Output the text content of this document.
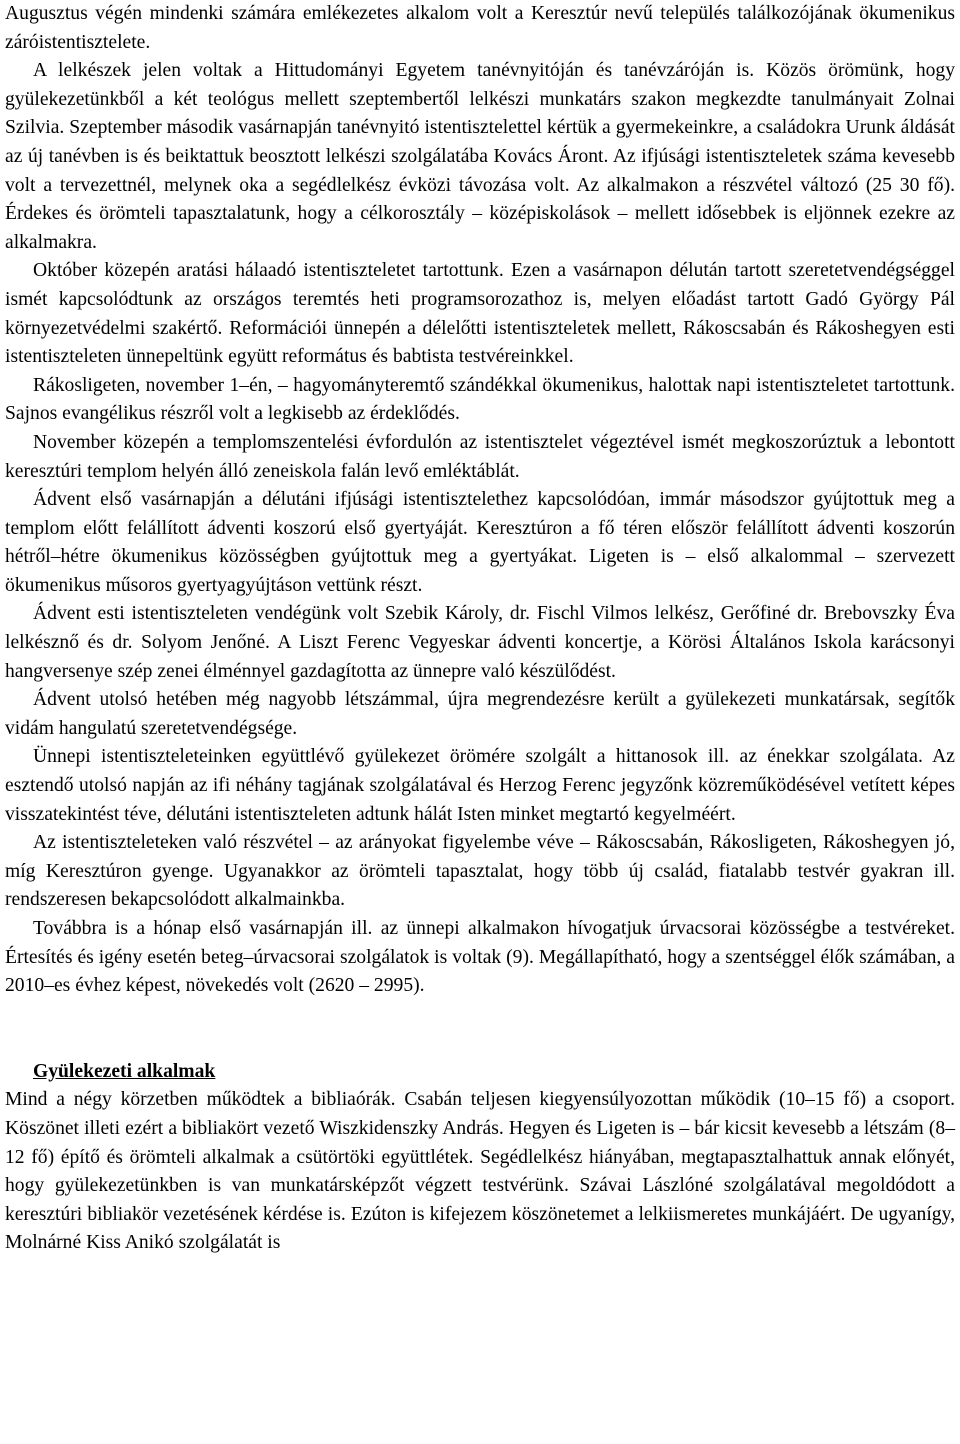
Augusztus végén mindenki számára emlékezetes alkalom volt a Keresztúr nevű település találkozójának ökumenikus záróistentisztelete.

A lelkészek jelen voltak a Hittudományi Egyetem tanévnyitóján és tanévzáróján is. Közös örömünk, hogy gyülekezetünkből a két teológus mellett szeptembertől lelkészi munkatárs szakon megkezdte tanulmányait Zolnai Szilvia. Szeptember második vasárnapján tanévnyitó istentisztelettel kértük a gyermekeinkre, a családokra Urunk áldását az új tanévben is és beiktattuk beosztott lelkészi szolgálatába Kovács Áront. Az ifjúsági istentiszteletek száma kevesebb volt a tervezettnél, melynek oka a segédlelkész évközi távozása volt. Az alkalmakon a részvétel változó (25 30 fő). Érdekes és örömteli tapasztalatunk, hogy a célkorosztály – középiskolások – mellett idősebbek is eljönnek ezekre az alkalmakra.

Október közepén aratási hálaadó istentiszteletet tartottunk. Ezen a vasárnapon délután tartott szeretetvendégséggel ismét kapcsolódtunk az országos teremtés heti programsorozathoz is, melyen előadást tartott Gadó György Pál környezetvédelmi szakértő. Reformációi ünnepén a délelőtti istentiszteletek mellett, Rákoscsabán és Rákoshegyen esti istentiszteleten ünnepeltünk együtt református és babtista testvéreinkkel.

Rákosligeten, november 1–én, – hagyományteremtő szándékkal ökumenikus, halottak napi istentiszteletet tartottunk. Sajnos evangélikus részről volt a legkisebb az érdeklődés.

November közepén a templomszentelési évfordulón az istentisztelet végeztével ismét megkoszorúztuk a lebontott keresztúri templom helyén álló zeneiskola falán levő emléktáblát.

Ádvent első vasárnapján a délutáni ifjúsági istentisztelethez kapcsolódóan, immár másodszor gyújtottuk meg a templom előtt felállított ádventi koszorú első gyertyáját. Keresztúron a fő téren először felállított ádventi koszorún hétről–hétre ökumenikus közösségben gyújtottuk meg a gyertyákat. Ligeten is – első alkalommal – szervezett ökumenikus műsoros gyertyagyújtáson vettünk részt.

Ádvent esti istentiszteleten vendégünk volt Szebik Károly, dr. Fischl Vilmos lelkész, Gerőfiné dr. Brebovszky Éva lelkésznő és dr. Solyom Jenőné. A Liszt Ferenc Vegyeskar ádventi koncertje, a Körösi Általános Iskola karácsonyi hangversenye szép zenei élménnyel gazdagította az ünnepre való készülődést.

Ádvent utolsó hetében még nagyobb létszámmal, újra megrendezésre került a gyülekezeti munkatársak, segítők vidám hangulatú szeretetvendégsége.

Ünnepi istentiszteleteinken együttlévő gyülekezet örömére szolgált a hittanosok ill. az énekkar szolgálata. Az esztendő utolsó napján az ifi néhány tagjának szolgálatával és Herzog Ferenc jegyzőnk közreműködésével vetített képes visszatekintést téve, délutáni istentiszteleten adtunk hálát Isten minket megtartó kegyelméért.

Az istentiszteleteken való részvétel – az arányokat figyelembe véve – Rákoscsabán, Rákosligeten, Rákoshegyen jó, míg Keresztúron gyenge. Ugyanakkor az örömteli tapasztalat, hogy több új család, fiatalabb testvér gyakran ill. rendszeresen bekapcsolódott alkalmainkba.

Továbbra is a hónap első vasárnapján ill. az ünnepi alkalmakon hívogatjuk úrvacsorai közösségbe a testvéreket. Értesítés és igény esetén beteg–úrvacsorai szolgálatok is voltak (9). Megállapítható, hogy a szentséggel élők számában, a 2010–es évhez képest, növekedés volt (2620 – 2995).

Gyülekezeti alkalmak

Mind a négy körzetben működtek a bibliaórák. Csabán teljesen kiegyensúlyozottan működik (10–15 fő) a csoport. Köszönet illeti ezért a bibliakört vezető Wiszkidenszky András. Hegyen és Ligeten is – bár kicsit kevesebb a létszám (8–12 fő) építő és örömteli alkalmak a csütörtöki együttlétek. Segédlelkész hiányában, megtapasztalhattuk annak előnyét, hogy gyülekezetünkben is van munkatársképzőt végzett testvérünk. Szávai Lászlóné szolgálatával megoldódott a keresztúri bibliakör vezetésének kérdése is. Ezúton is kifejezem köszönetemet a lelkiismeretes munkájáért. De ugyanígy, Molnárné Kiss Anikó szolgálatát is
